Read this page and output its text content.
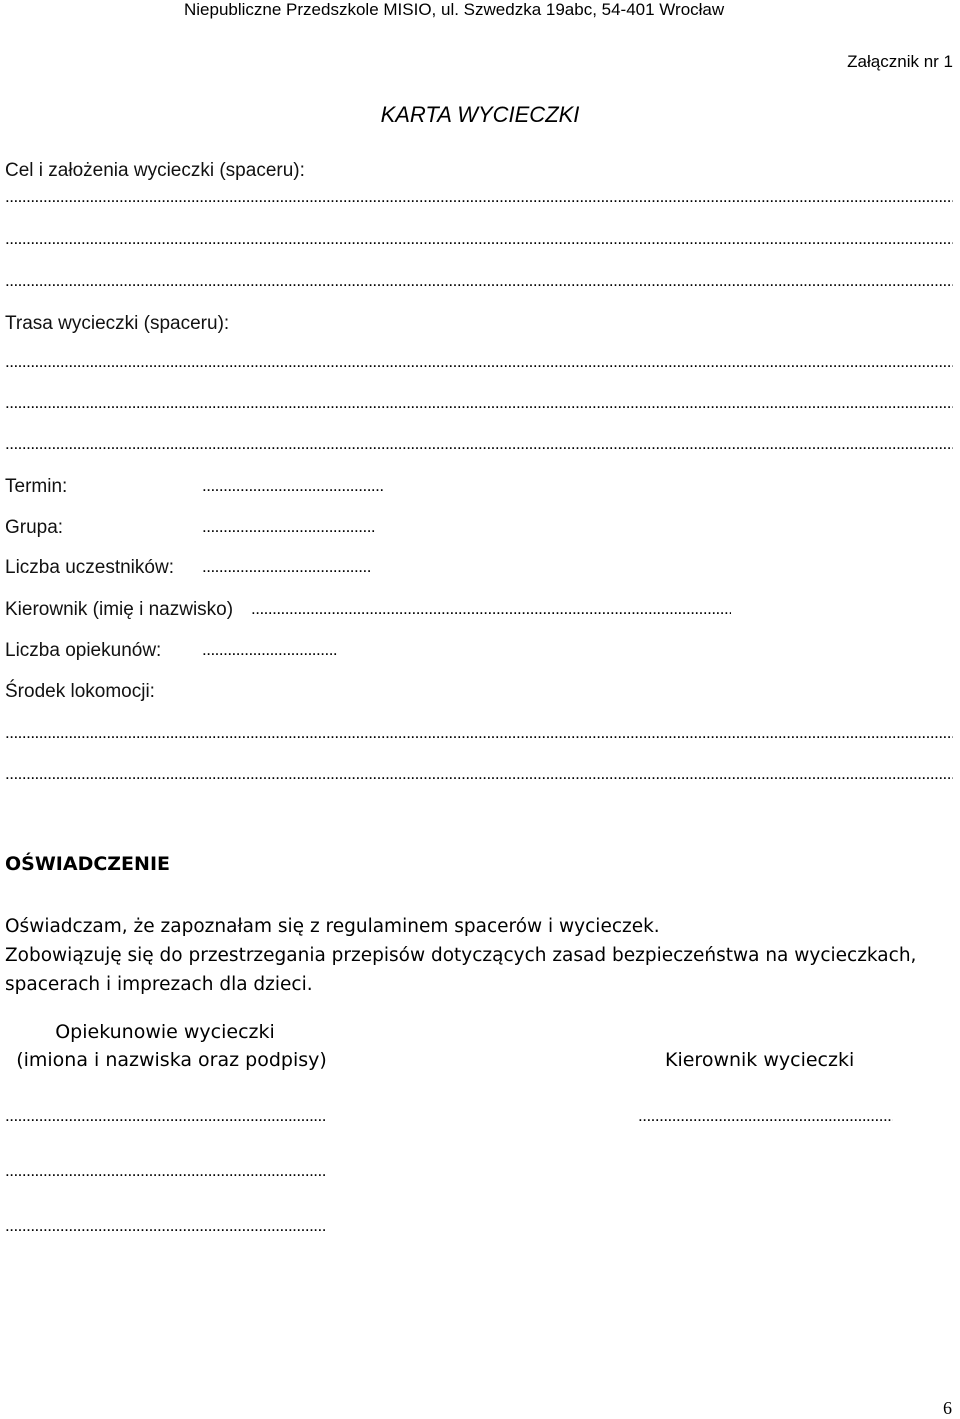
Niepubliczne Przedszkole MISIO, ul. Szwedzka 19abc, 54-401 Wrocław
Załącznik nr 1
KARTA WYCIECZKI
Cel i założenia wycieczki (spaceru):
.....
.....
.....
Trasa wycieczki (spaceru):
.....
.....
.....
Termin:
.....
Grupa:
.....
Liczba uczestników:
.....
Kierownik (imię i nazwisko)
.....
Liczba opiekunów:
.....
Środek lokomocji:
.....
.....
OŚWIADCZENIE
Oświadczam, że zapoznałam się z regulaminem spacerów i wycieczek.
Zobowiązuję się do przestrzegania przepisów dotyczących zasad bezpieczeństwa na wycieczkach, spacerach i imprezach dla dzieci.
Opiekunowie wycieczki
(imiona i nazwiska oraz podpisy)	Kierownik wycieczki
.....
.....
.....
.....
6
